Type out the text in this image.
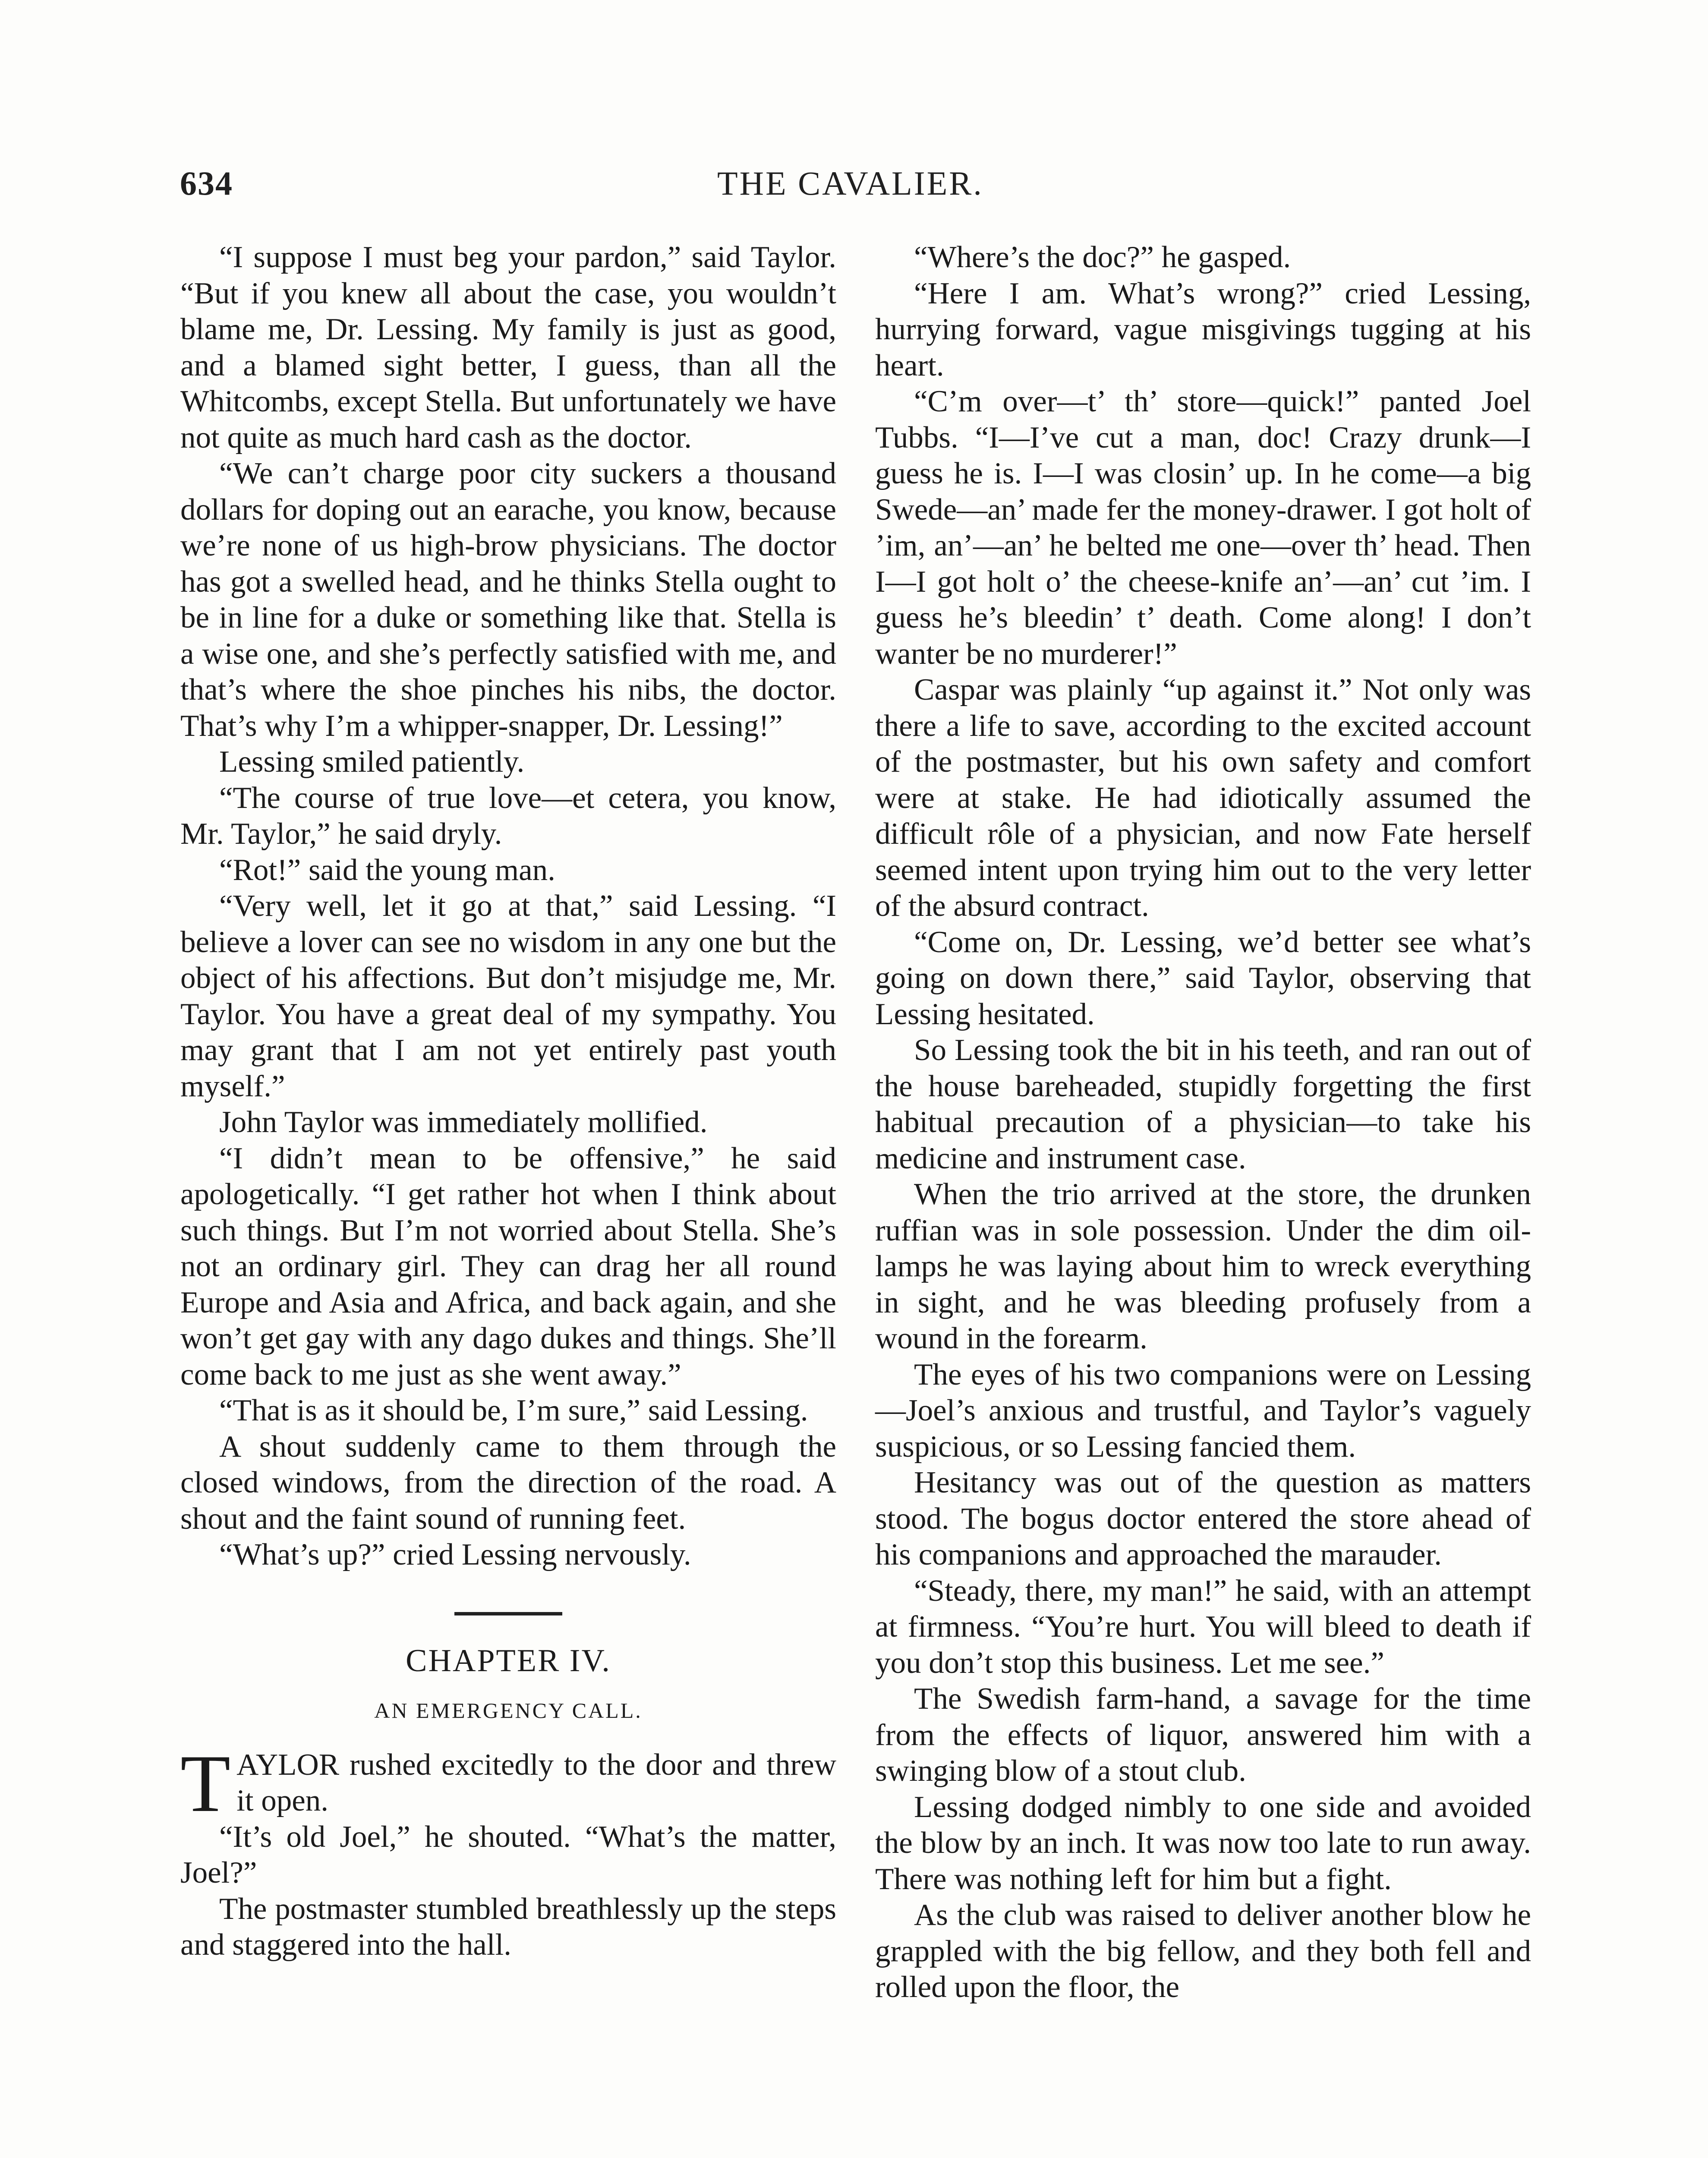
634	THE CAVALIER.

“I suppose I must beg your pardon,” said Taylor. “But if you knew all about the case, you wouldn’t blame me, Dr. Lessing. My family is just as good, and a blamed sight better, I guess, than all the Whitcombs, except Stella. But unfortunately we have not quite as much hard cash as the doctor.

“We can’t charge poor city suckers a thousand dollars for doping out an earache, you know, because we’re none of us high-brow physicians. The doctor has got a swelled head, and he thinks Stella ought to be in line for a duke or something like that. Stella is a wise one, and she’s perfectly satisfied with me, and that’s where the shoe pinches his nibs, the doctor. That’s why I’m a whipper-snapper, Dr. Lessing!”

Lessing smiled patiently.

“The course of true love—et cetera, you know, Mr. Taylor,” he said dryly.

“Rot!” said the young man.

“Very well, let it go at that,” said Lessing. “I believe a lover can see no wisdom in any one but the object of his affections. But don’t misjudge me, Mr. Taylor. You have a great deal of my sympathy. You may grant that I am not yet entirely past youth myself.”

John Taylor was immediately mollified.

“I didn’t mean to be offensive,” he said apologetically. “I get rather hot when I think about such things. But I’m not worried about Stella. She’s not an ordinary girl. They can drag her all round Europe and Asia and Africa, and back again, and she won’t get gay with any dago dukes and things. She’ll come back to me just as she went away.”

“That is as it should be, I’m sure,” said Lessing.

A shout suddenly came to them through the closed windows, from the direction of the road. A shout and the faint sound of running feet.

“What’s up?” cried Lessing nervously.

CHAPTER IV.
AN EMERGENCY CALL.

TAYLOR rushed excitedly to the door and threw it open.

“It’s old Joel,” he shouted. “What’s the matter, Joel?”

The postmaster stumbled breathlessly up the steps and staggered into the hall.

“Where’s the doc?” he gasped.

“Here I am. What’s wrong?” cried Lessing, hurrying forward, vague misgivings tugging at his heart.

“C’m over—t’ th’ store—quick!” panted Joel Tubbs. “I—I’ve cut a man, doc! Crazy drunk—I guess he is. I—I was closin’ up. In he come—a big Swede—an’ made fer the money-drawer. I got holt of ’im, an’—an’ he belted me one—over th’ head. Then I—I got holt o’ the cheese-knife an’—an’ cut ’im. I guess he’s bleedin’ t’ death. Come along! I don’t wanter be no murderer!”

Caspar was plainly “up against it.” Not only was there a life to save, according to the excited account of the postmaster, but his own safety and comfort were at stake. He had idiotically assumed the difficult rôle of a physician, and now Fate herself seemed intent upon trying him out to the very letter of the absurd contract.

“Come on, Dr. Lessing, we’d better see what’s going on down there,” said Taylor, observing that Lessing hesitated.

So Lessing took the bit in his teeth, and ran out of the house bareheaded, stupidly forgetting the first habitual precaution of a physician—to take his medicine and instrument case.

When the trio arrived at the store, the drunken ruffian was in sole possession. Under the dim oil-lamps he was laying about him to wreck everything in sight, and he was bleeding profusely from a wound in the forearm.

The eyes of his two companions were on Lessing—Joel’s anxious and trustful, and Taylor’s vaguely suspicious, or so Lessing fancied them.

Hesitancy was out of the question as matters stood. The bogus doctor entered the store ahead of his companions and approached the marauder.

“Steady, there, my man!” he said, with an attempt at firmness. “You’re hurt. You will bleed to death if you don’t stop this business. Let me see.”

The Swedish farm-hand, a savage for the time from the effects of liquor, answered him with a swinging blow of a stout club.

Lessing dodged nimbly to one side and avoided the blow by an inch. It was now too late to run away. There was nothing left for him but a fight.

As the club was raised to deliver another blow he grappled with the big fellow, and they both fell and rolled upon the floor, the
